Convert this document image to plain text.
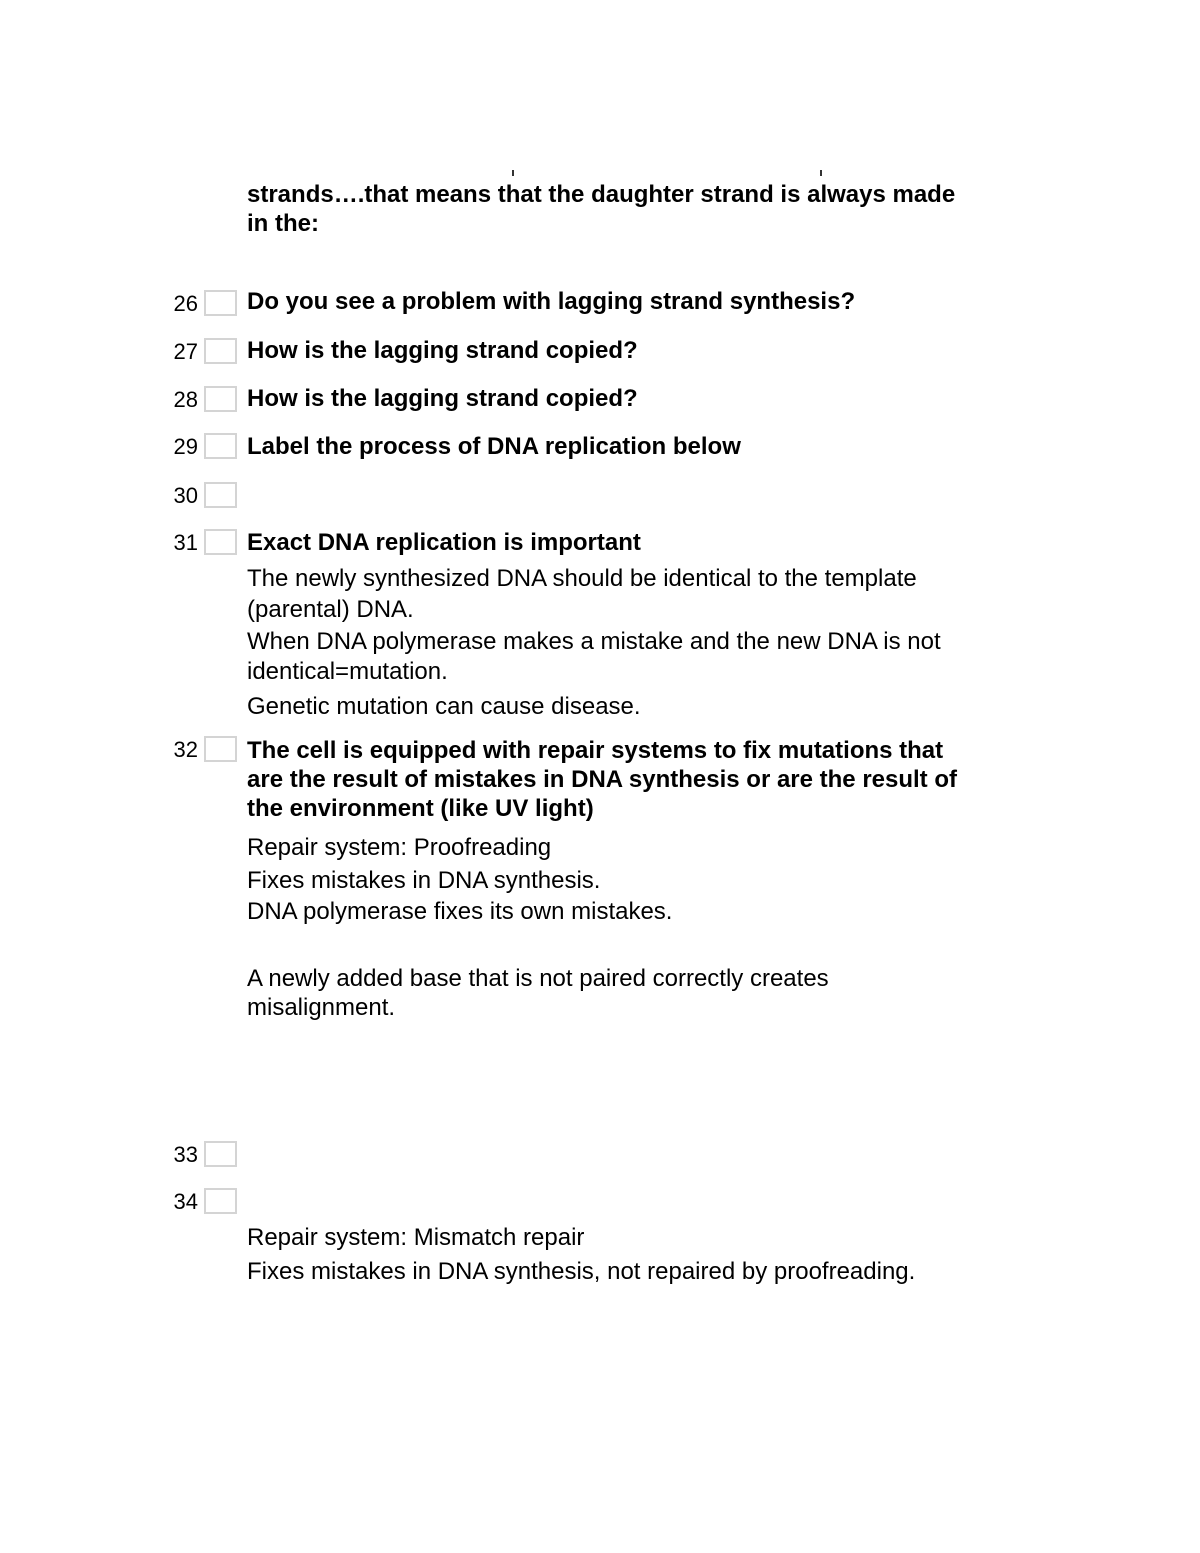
strands….that means that the daughter strand is always made
in the:
26 Do you see a problem with lagging strand synthesis?
27 How is the lagging strand copied?
28 How is the lagging strand copied?
29 Label the process of DNA replication below
30
31 Exact DNA replication is important
The newly synthesized DNA should be identical to the template
(parental) DNA.
When DNA polymerase makes a mistake and the new DNA is not
identical=mutation.
Genetic mutation can cause disease.
32 The cell is equipped with repair systems to fix mutations that
are the result of mistakes in DNA synthesis or are the result of
the environment (like UV light)
Repair system: Proofreading
Fixes mistakes in DNA synthesis.
DNA polymerase fixes its own mistakes.
A newly added base that is not paired correctly creates
misalignment.
33
34
Repair system: Mismatch repair
Fixes mistakes in DNA synthesis, not repaired by proofreading.
